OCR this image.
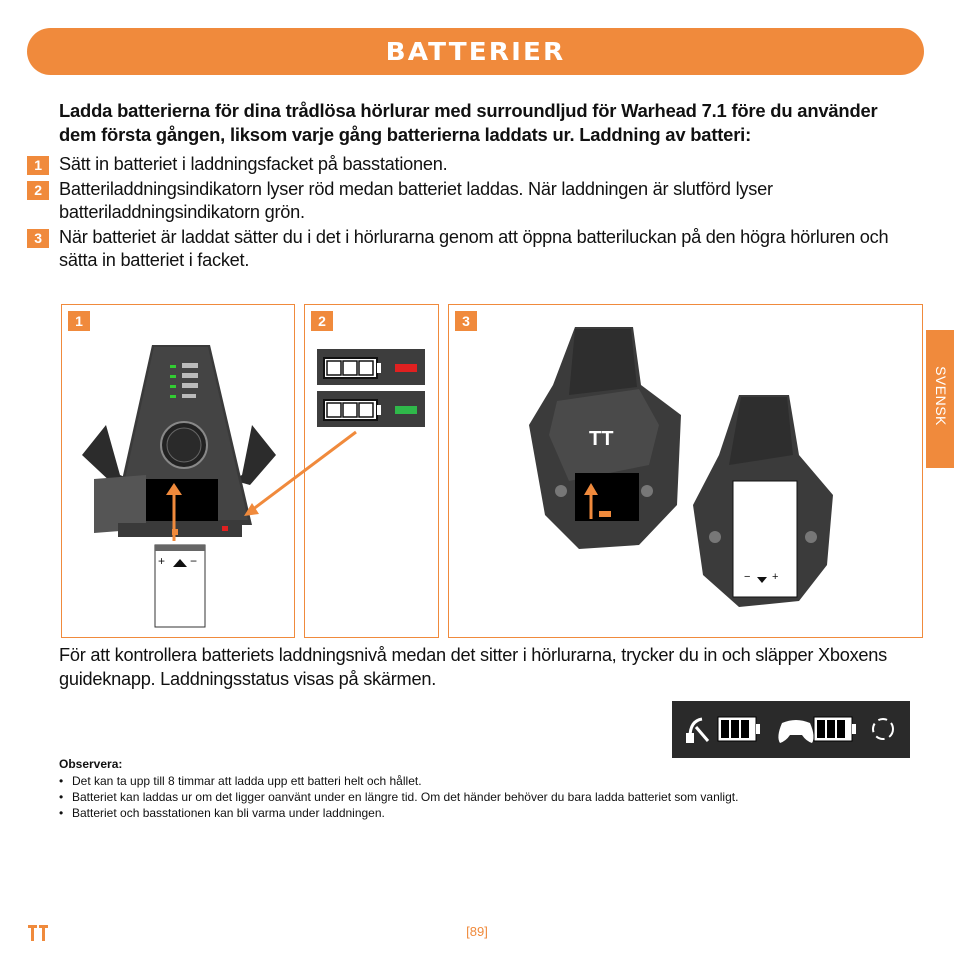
BATTERIER
Ladda batterierna för dina trådlösa hörlurar med surroundljud för Warhead 7.1 före du använder dem första gången, liksom varje gång batterierna laddats ur. Laddning av batteri:
1 Sätt in batteriet i laddningsfacket på basstationen.
2 Batteriladdningsindikatorn lyser röd medan batteriet laddas. När laddningen är slutförd lyser batteriladdningsindikatorn grön.
3 När batteriet är laddat sätter du i det i hörlurarna genom att öppna batteriluckan på den högra hörluren och sätta in batteriet i facket.
1
+ −
2	3
TT
− +
För att kontrollera batteriets laddningsnivå medan det sitter i hörlurarna, trycker du in och släpper Xboxens guideknapp. Laddningsstatus visas på skärmen.
Observera:
• Det kan ta upp till 8 timmar att ladda upp ett batteri helt och hållet.
• Batteriet kan laddas ur om det ligger oanvänt under en längre tid. Om det händer behöver du bara ladda batteriet som vanligt.
• Batteriet och basstationen kan bli varma under laddningen.
SVENSK
[89]
